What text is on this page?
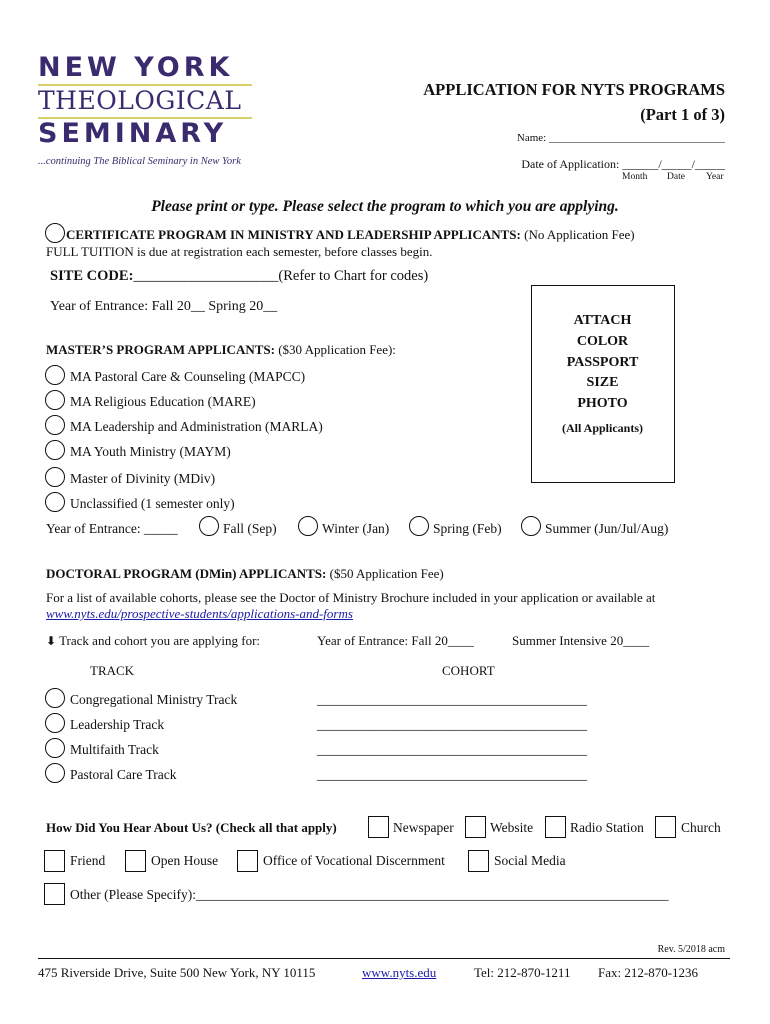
NEW YORK
THEOLOGICAL
SEMINARY
...continuing The Biblical Seminary in New York
APPLICATION FOR NYTS PROGRAMS
(Part 1 of 3)
Name: ________________________________
Date of Application: ______/_____/_____
Month Date Year
Please print or type. Please select the program to which you are applying.
CERTIFICATE PROGRAM IN MINISTRY AND LEADERSHIP APPLICANTS: (No Application Fee)
FULL TUITION is due at registration each semester, before classes begin.
SITE CODE:____________________(Refer to Chart for codes)
Year of Entrance: Fall 20__ Spring 20__
ATTACH
COLOR
PASSPORT
SIZE
PHOTO
(All Applicants)
MASTER’S PROGRAM APPLICANTS: ($30 Application Fee):
MA Pastoral Care & Counseling (MAPCC)
MA Religious Education (MARE)
MA Leadership and Administration (MARLA)
MA Youth Ministry (MAYM)
Master of Divinity (MDiv)
Unclassified (1 semester only)
Year of Entrance: _____	Fall (Sep)	Winter (Jan)	Spring (Feb)	Summer (Jun/Jul/Aug)
DOCTORAL PROGRAM (DMin) APPLICANTS: ($50 Application Fee)
For a list of available cohorts, please see the Doctor of Ministry Brochure included in your application or available at
www.nyts.edu/prospective-students/applications-and-forms
⬇ Track and cohort you are applying for:	Year of Entrance: Fall 20____	Summer Intensive 20____
TRACK	COHORT
Congregational Ministry Track	________________________________________
Leadership Track	________________________________________
Multifaith Track	________________________________________
Pastoral Care Track	________________________________________
How Did You Hear About Us? (Check all that apply)	Newspaper	Website	Radio Station	Church
Friend	Open House	Office of Vocational Discernment	Social Media
Other (Please Specify):______________________________________________________________________
Rev. 5/2018 acm
475 Riverside Drive, Suite 500 New York, NY 10115	www.nyts.edu	Tel: 212-870-1211 Fax: 212-870-1236
